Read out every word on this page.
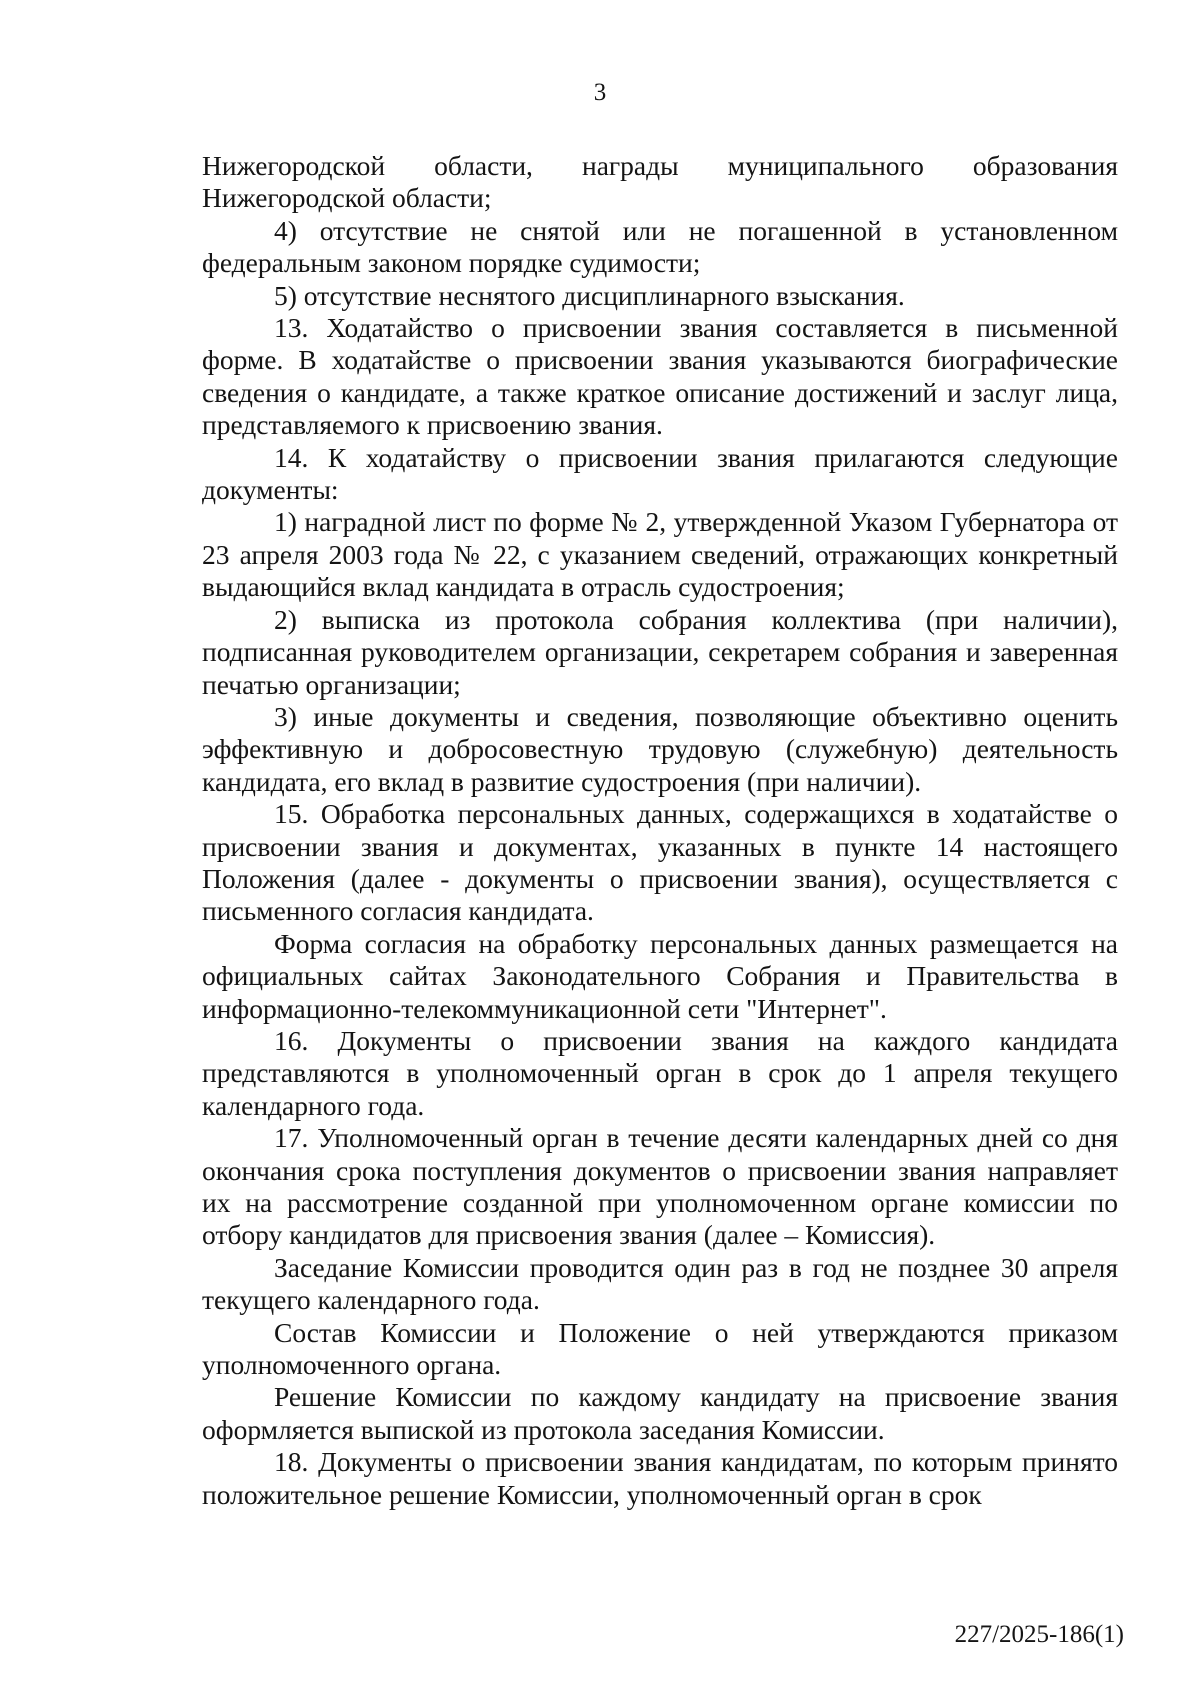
3

Нижегородской области, награды муниципального образования Нижегородской области;

4) отсутствие не снятой или не погашенной в установленном федеральным законом порядке судимости;

5) отсутствие неснятого дисциплинарного взыскания.

13. Ходатайство о присвоении звания составляется в письменной форме. В ходатайстве о присвоении звания указываются биографические сведения о кандидате, а также краткое описание достижений и заслуг лица, представляемого к присвоению звания.

14. К ходатайству о присвоении звания прилагаются следующие документы:

1) наградной лист по форме № 2, утвержденной Указом Губернатора от 23 апреля 2003 года № 22, с указанием сведений, отражающих конкретный выдающийся вклад кандидата в отрасль судостроения;

2) выписка из протокола собрания коллектива (при наличии), подписанная руководителем организации, секретарем собрания и заверенная печатью организации;

3) иные документы и сведения, позволяющие объективно оценить эффективную и добросовестную трудовую (служебную) деятельность кандидата, его вклад в развитие судостроения (при наличии).

15. Обработка персональных данных, содержащихся в ходатайстве о присвоении звания и документах, указанных в пункте 14 настоящего Положения (далее - документы о присвоении звания), осуществляется с письменного согласия кандидата.

Форма согласия на обработку персональных данных размещается на официальных сайтах Законодательного Собрания и Правительства в информационно-телекоммуникационной сети "Интернет".

16. Документы о присвоении звания на каждого кандидата представляются в уполномоченный орган в срок до 1 апреля текущего календарного года.

17. Уполномоченный орган в течение десяти календарных дней со дня окончания срока поступления документов о присвоении звания направляет их на рассмотрение созданной при уполномоченном органе комиссии по отбору кандидатов для присвоения звания (далее – Комиссия).

Заседание Комиссии проводится один раз в год не позднее 30 апреля текущего календарного года.

Состав Комиссии и Положение о ней утверждаются приказом уполномоченного органа.

Решение Комиссии по каждому кандидату на присвоение звания оформляется выпиской из протокола заседания Комиссии.

18. Документы о присвоении звания кандидатам, по которым принято положительное решение Комиссии, уполномоченный орган в срок

227/2025-186(1)
